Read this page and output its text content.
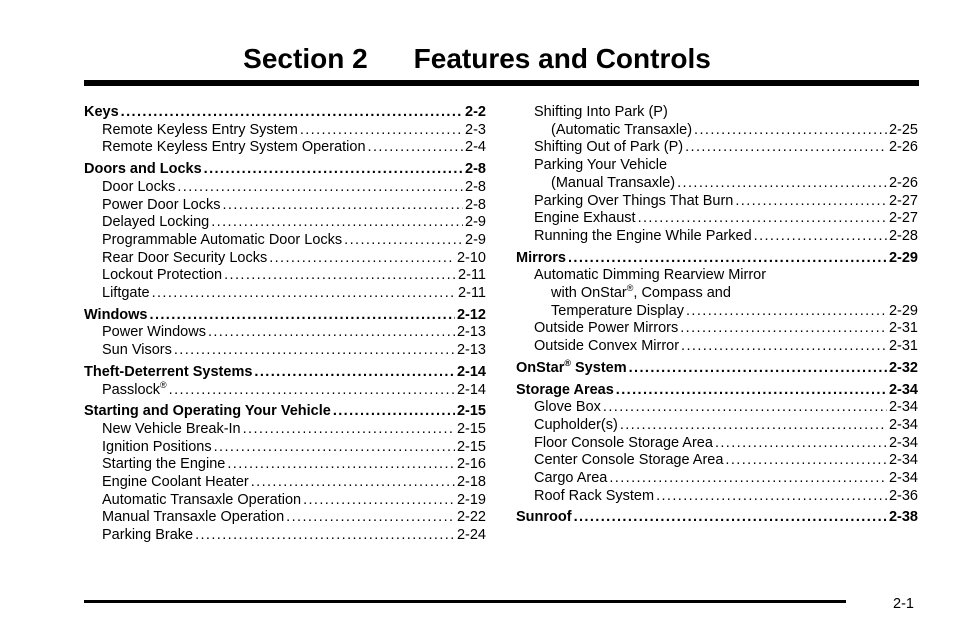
Section 2 Features and Controls
Keys .....	2-2
Remote Keyless Entry System .....	2-3
Remote Keyless Entry System Operation .....	2-4
Doors and Locks .....	2-8
Door Locks .....	2-8
Power Door Locks .....	2-8
Delayed Locking .....	2-9
Programmable Automatic Door Locks .....	2-9
Rear Door Security Locks .....	2-10
Lockout Protection .....	2-11
Liftgate .....	2-11
Windows .....	2-12
Power Windows .....	2-13
Sun Visors .....	2-13
Theft-Deterrent Systems .....	2-14
Passlock® .....	2-14
Starting and Operating Your Vehicle .....	2-15
New Vehicle Break-In .....	2-15
Ignition Positions .....	2-15
Starting the Engine .....	2-16
Engine Coolant Heater .....	2-18
Automatic Transaxle Operation .....	2-19
Manual Transaxle Operation .....	2-22
Parking Brake .....	2-24
Shifting Into Park (P)
(Automatic Transaxle) .....	2-25
Shifting Out of Park (P) .....	2-26
Parking Your Vehicle
(Manual Transaxle) .....	2-26
Parking Over Things That Burn .....	2-27
Engine Exhaust .....	2-27
Running the Engine While Parked .....	2-28
Mirrors .....	2-29
Automatic Dimming Rearview Mirror
with OnStar®, Compass and
Temperature Display .....	2-29
Outside Power Mirrors .....	2-31
Outside Convex Mirror .....	2-31
OnStar® System .....	2-32
Storage Areas .....	2-34
Glove Box .....	2-34
Cupholder(s) .....	2-34
Floor Console Storage Area .....	2-34
Center Console Storage Area .....	2-34
Cargo Area .....	2-34
Roof Rack System .....	2-36
Sunroof .....	2-38
2-1
